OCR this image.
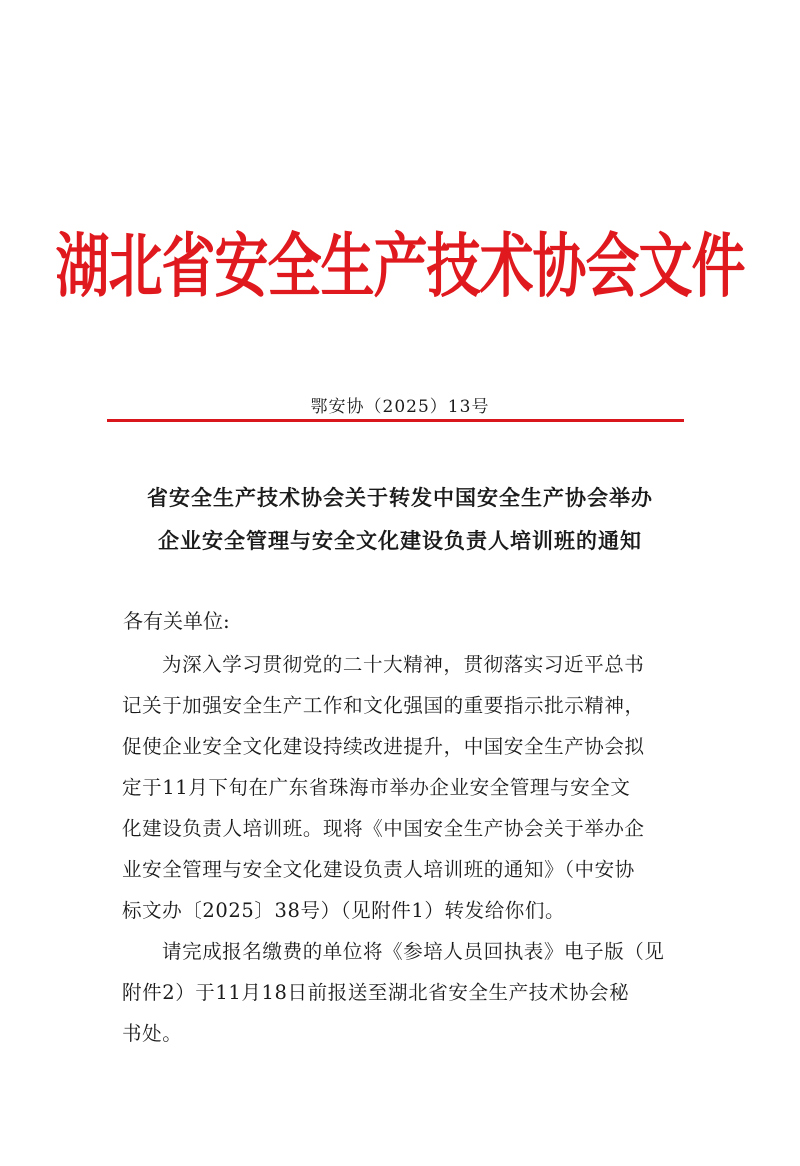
湖北省安全生产技术协会文件
鄂安协（2025）13号
省安全生产技术协会关于转发中国安全生产协会举办
企业安全管理与安全文化建设负责人培训班的通知
各有关单位:
为深入学习贯彻党的二十大精神，贯彻落实习近平总书
记关于加强安全生产工作和文化强国的重要指示批示精神，
促使企业安全文化建设持续改进提升，中国安全生产协会拟
定于11月下旬在广东省珠海市举办企业安全管理与安全文
化建设负责人培训班。现将《中国安全生产协会关于举办企
业安全管理与安全文化建设负责人培训班的通知》（中安协
标文办〔2025〕38号）（见附件1）转发给你们。
请完成报名缴费的单位将《参培人员回执表》电子版（见
附件2）于11月18日前报送至湖北省安全生产技术协会秘
书处。
